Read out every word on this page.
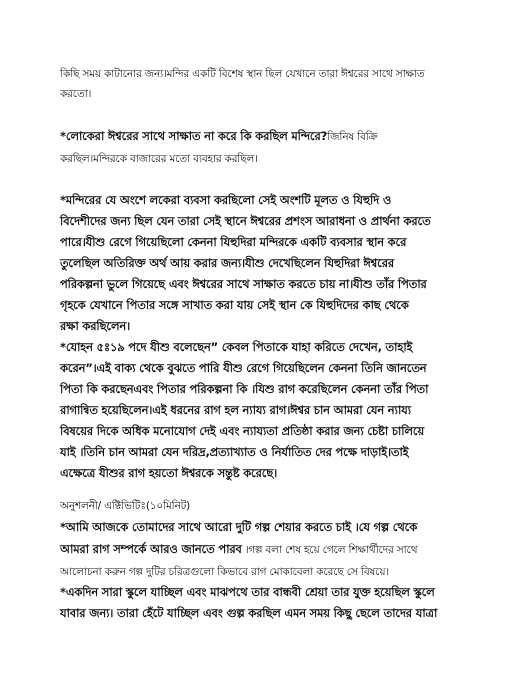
কিছি সময় কাটানোর জন্য।মন্দির একটি বিশেষ স্থান ছিল যেখানে তারা ঈশ্বরের সাথে সাক্ষাত
করতো।

*লোকেরা ঈশ্বরের সাথে সাক্ষাত না করে কি করছিল মন্দিরে?জিনিষ বিক্রি
করছিল।মন্দিরকে বাজারের মতো ব্যবহার করছিল।

*মন্দিরের যে অংশে লকেরা ব্যবসা করছিলো সেই অংশটি মূলত ও যিহুদি ও
বিদেশীদের জন্য ছিল যেন তারা সেই স্থানে ঈশ্বরের প্রশংস আরাধনা ও প্রার্থনা করতে
পারে।যীশু রেগে গিয়েছিলো কেননা যিহুদিরা মন্দিরকে একটি ব্যবসার স্থান করে
তুলেছিল অতিরিক্ত অর্থ আয় করার জন্য।যীশু দেখেছিলেন যিহুদিরা ঈশ্বরের
পরিকল্পনা ভুলে গিয়েছে এবং ঈশ্বরের সাথে সাক্ষাত করতে চায় না।যীশু তাঁর পিতার
গৃহকে যেখানে পিতার সঙ্গে সাখাত করা যায় সেই স্থান কে যিহুদিদের কাছ থেকে
রক্ষা করছিলেন।

*যোহন ৫ঃ১৯ পদে যীশু বলেছেন” কেবল পিতাকে যাহা করিতে দেখেন, তাহাই
করেন”।এই বাক্য থেকে বুঝতে পারি যীশু রেগে গিয়েছিলেন কেননা তিনি জানতেন
পিতা কি করছেনএবং পিতার পরিকল্পনা কি ।যিশু রাগ করেছিলেন কেননা তাঁর পিতা
রাগান্বিত হয়েছিলেন।এই ধরনের রাগ হল ন্যায্য রাগ।ঈশ্বর চান আমরা যেন ন্যায্য
বিষয়ের দিকে অধিক মনোযোগ দেই এবং ন্যায্যতা প্রতিষ্ঠা করার জন্য চেষ্টা চালিয়ে
যাই ।তিনি চান আমরা যেন দরিদ্র,প্রত্যাখ্যাত ও নির্যাতিত দের পক্ষে দাড়াই।তাই
এক্ষেত্রে যীশুর রাগ হয়তো ঈশ্বরকে সন্তুষ্ট করেছে।

অনুশলনী/ এক্টিভিটিঃ(১০মিনিট)

*আমি আজকে তোমাদের সাথে আরো দুটি গল্প শেয়ার করতে চাই ।যে গল্প থেকে
আমরা রাগ সম্পর্কে আরও জানতে পারব ।গল্প বলা শেষ হয়ে গেলে শিক্ষার্থীদের সাথে
আলোচনা করুন গল্প দুটির চরিত্রগুলো কিভাবে রাগ মোকাবেলা করেছে সে বিষয়ে।

*একদিন সারা স্কুলে যাচ্ছিল এবং মাঝপথে তার বান্ধবী শ্রেয়া তার যুক্ত হয়েছিল স্কুলে
যাবার জন্য। তারা হেঁটে যাচ্ছিল এবং গুল্প করছিল এমন সময় কিছু ছেলে তাদের যাত্রা
